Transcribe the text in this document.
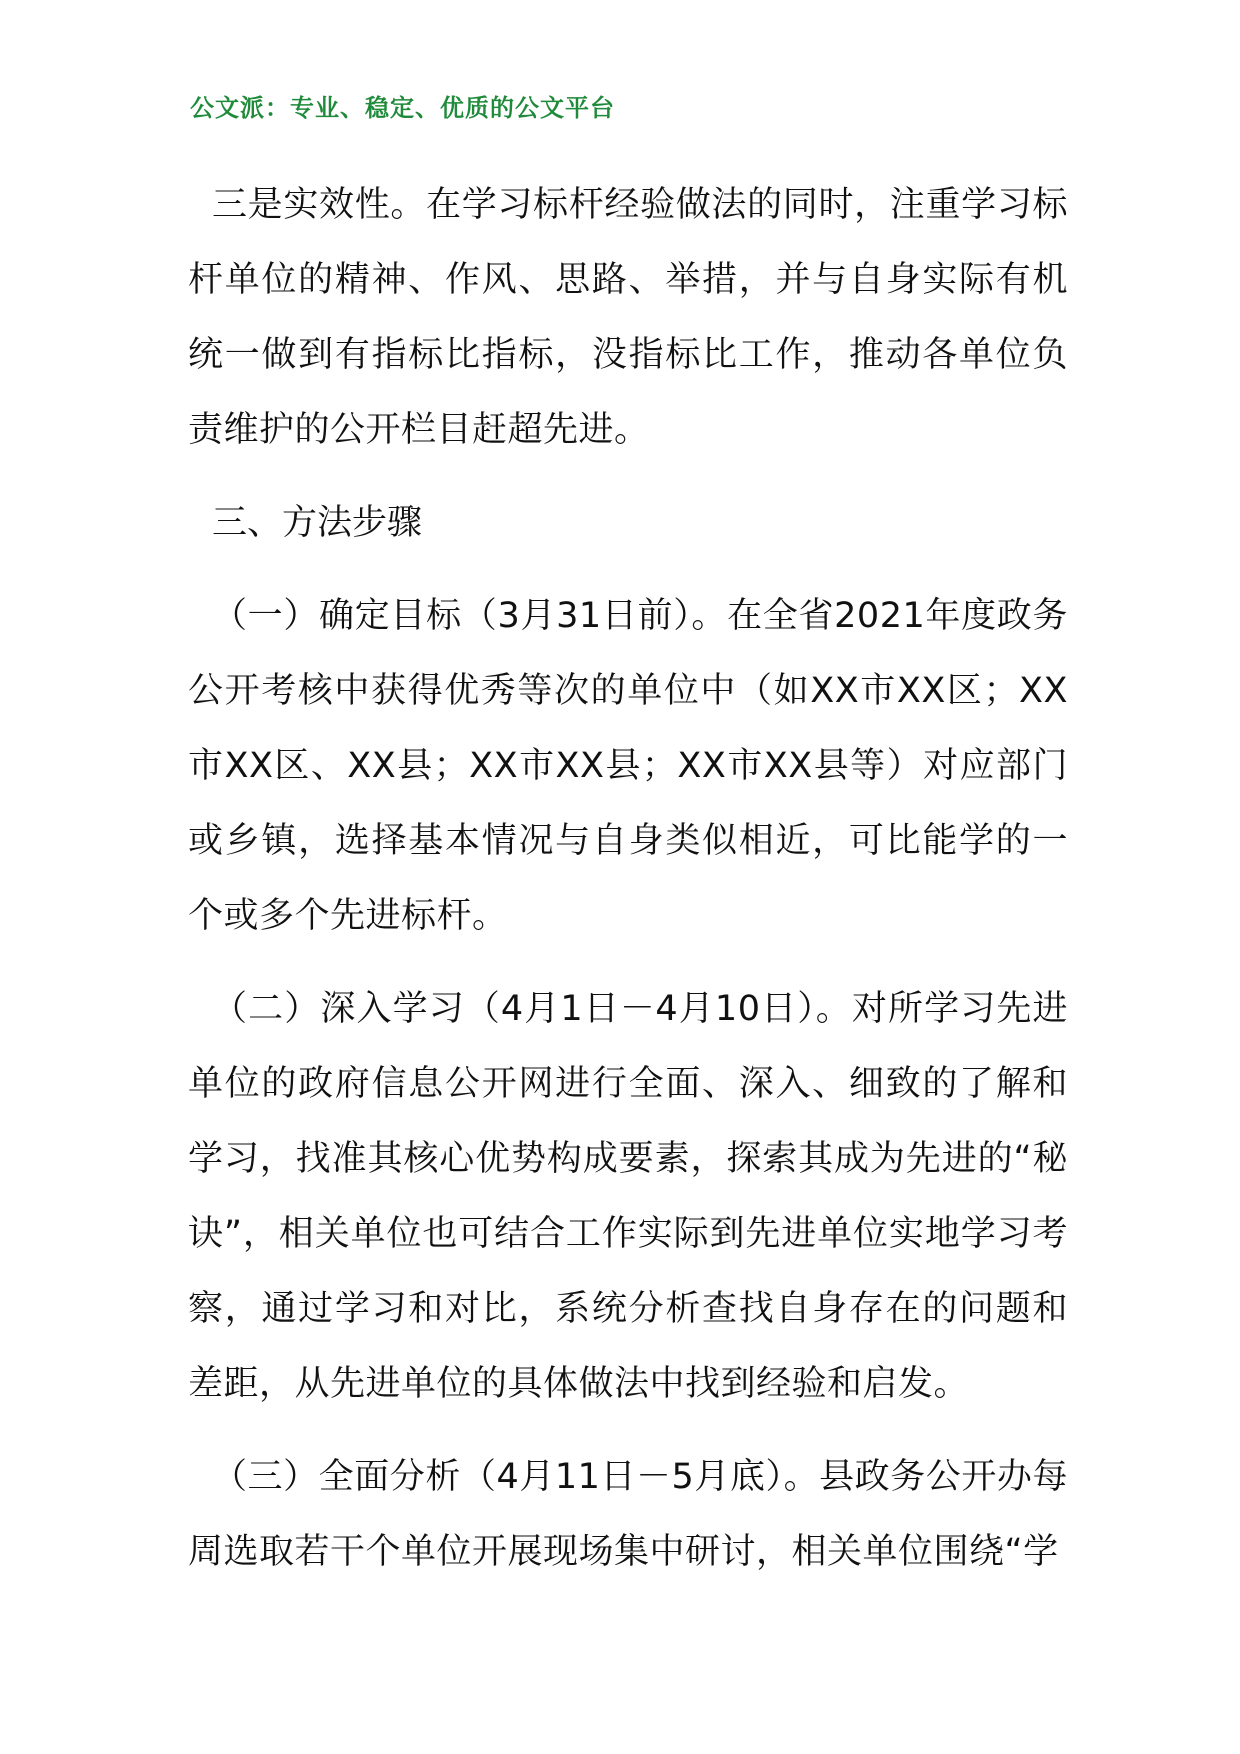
公文派：专业、稳定、优质的公文平台

三是实效性。在学习标杆经验做法的同时，注重学习标杆单位的精神、作风、思路、举措，并与自身实际有机统一做到有指标比指标，没指标比工作，推动各单位负责维护的公开栏目赶超先进。

三、方法步骤

（一）确定目标（3月31日前）。在全省2021年度政务公开考核中获得优秀等次的单位中（如XX市XX区；XX市XX区、XX县；XX市XX县；XX市XX县等）对应部门或乡镇，选择基本情况与自身类似相近，可比能学的一个或多个先进标杆。

（二）深入学习（4月1日－4月10日）。对所学习先进单位的政府信息公开网进行全面、深入、细致的了解和学习，找准其核心优势构成要素，探索其成为先进的“秘诀”，相关单位也可结合工作实际到先进单位实地学习考察，通过学习和对比，系统分析查找自身存在的问题和差距，从先进单位的具体做法中找到经验和启发。

（三）全面分析（4月11日－5月底）。县政务公开办每周选取若干个单位开展现场集中研讨，相关单位围绕“学
